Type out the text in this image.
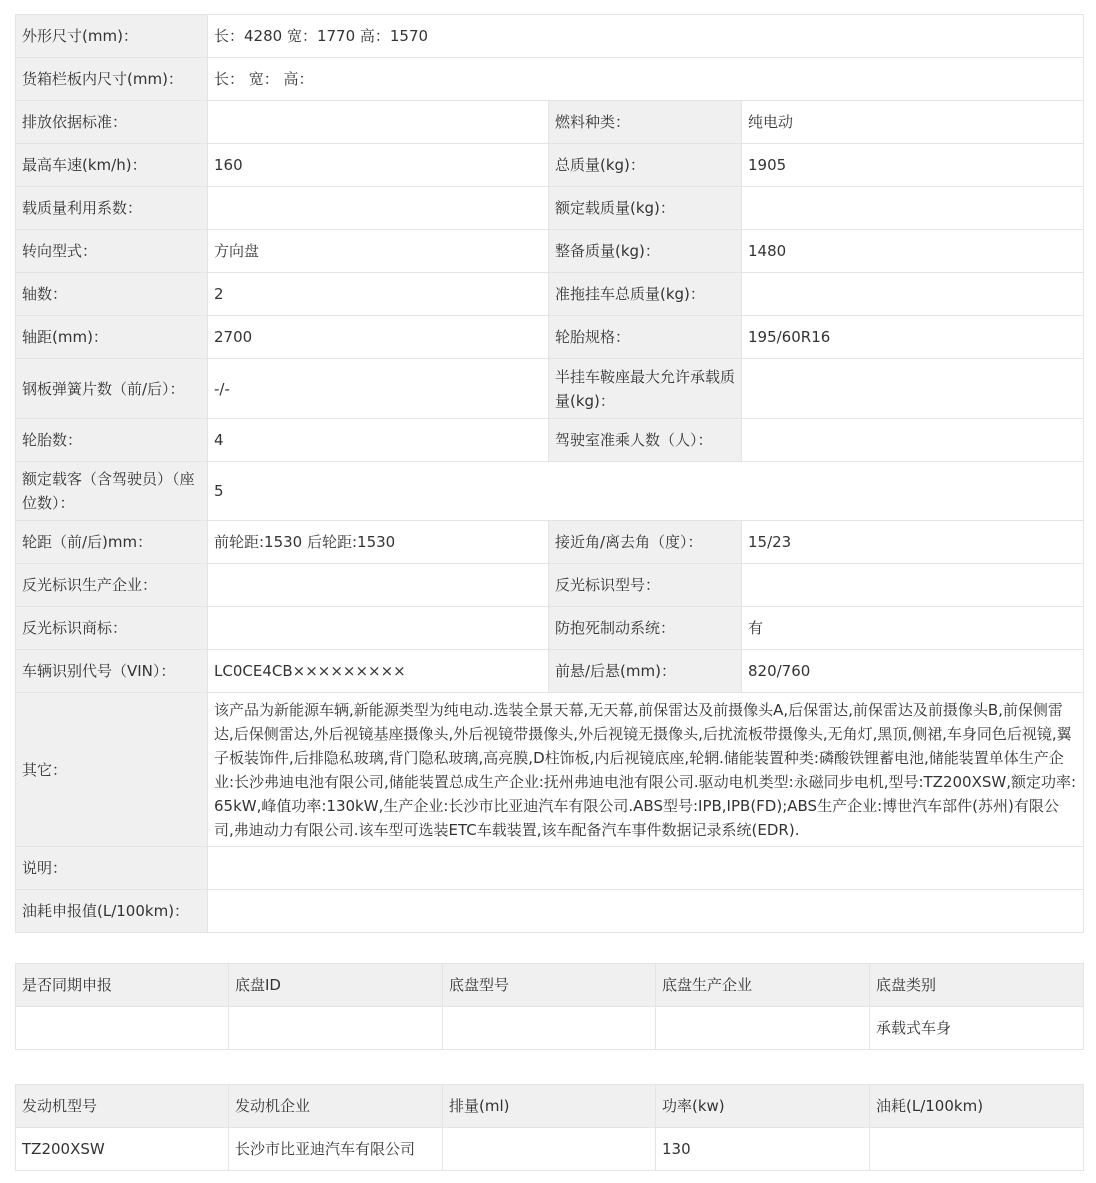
外形尺寸(mm)：	长：4280 宽：1770 高：1570		
货箱栏板内尺寸(mm)：	长： 宽： 高：		
排放依据标准：		燃料种类：	纯电动
最高车速(km/h)：	160	总质量(kg)：	1905
载质量利用系数：		额定载质量(kg)：	
转向型式：	方向盘	整备质量(kg)：	1480
轴数：	2	准拖挂车总质量(kg)：	
轴距(mm)：	2700	轮胎规格：	195/60R16
钢板弹簧片数（前/后）：	-/-	半挂车鞍座最大允许承载质量(kg)：	
轮胎数：	4	驾驶室准乘人数（人）：	
额定载客（含驾驶员）（座位数）：	5		
轮距（前/后)mm：	前轮距:1530 后轮距:1530	接近角/离去角（度）：	15/23
反光标识生产企业：		反光标识型号：	
反光标识商标：		防抱死制动系统：	有
车辆识别代号（VIN）：	LC0CE4CB×××××××××	前悬/后悬(mm)：	820/760
其它：	该产品为新能源车辆,新能源类型为纯电动.选装全景天幕,无天幕,前保雷达及前摄像头A,后保雷达,前保雷达及前摄像头B,前保侧雷达,后保侧雷达,外后视镜基座摄像头,外后视镜带摄像头,外后视镜无摄像头,后扰流板带摄像头,无角灯,黑顶,侧裙,车身同色后视镜,翼子板装饰件,后排隐私玻璃,背门隐私玻璃,高亮膜,D柱饰板,内后视镜底座,轮辋.储能装置种类:磷酸铁锂蓄电池,储能装置单体生产企业:长沙弗迪电池有限公司,储能装置总成生产企业:抚州弗迪电池有限公司.驱动电机类型:永磁同步电机,型号:TZ200XSW,额定功率:65kW,峰值功率:130kW,生产企业:长沙市比亚迪汽车有限公司.ABS型号:IPB,IPB(FD);ABS生产企业:博世汽车部件(苏州)有限公司,弗迪动力有限公司.该车型可选装ETC车载装置,该车配备汽车事件数据记录系统(EDR).		
说明：			
油耗申报值(L/100km)：			
是否同期申报	底盘ID	底盘型号	底盘生产企业	底盘类别
				承载式车身
发动机型号	发动机企业	排量(ml)	功率(kw)	油耗(L/100km)
TZ200XSW	长沙市比亚迪汽车有限公司		130	
